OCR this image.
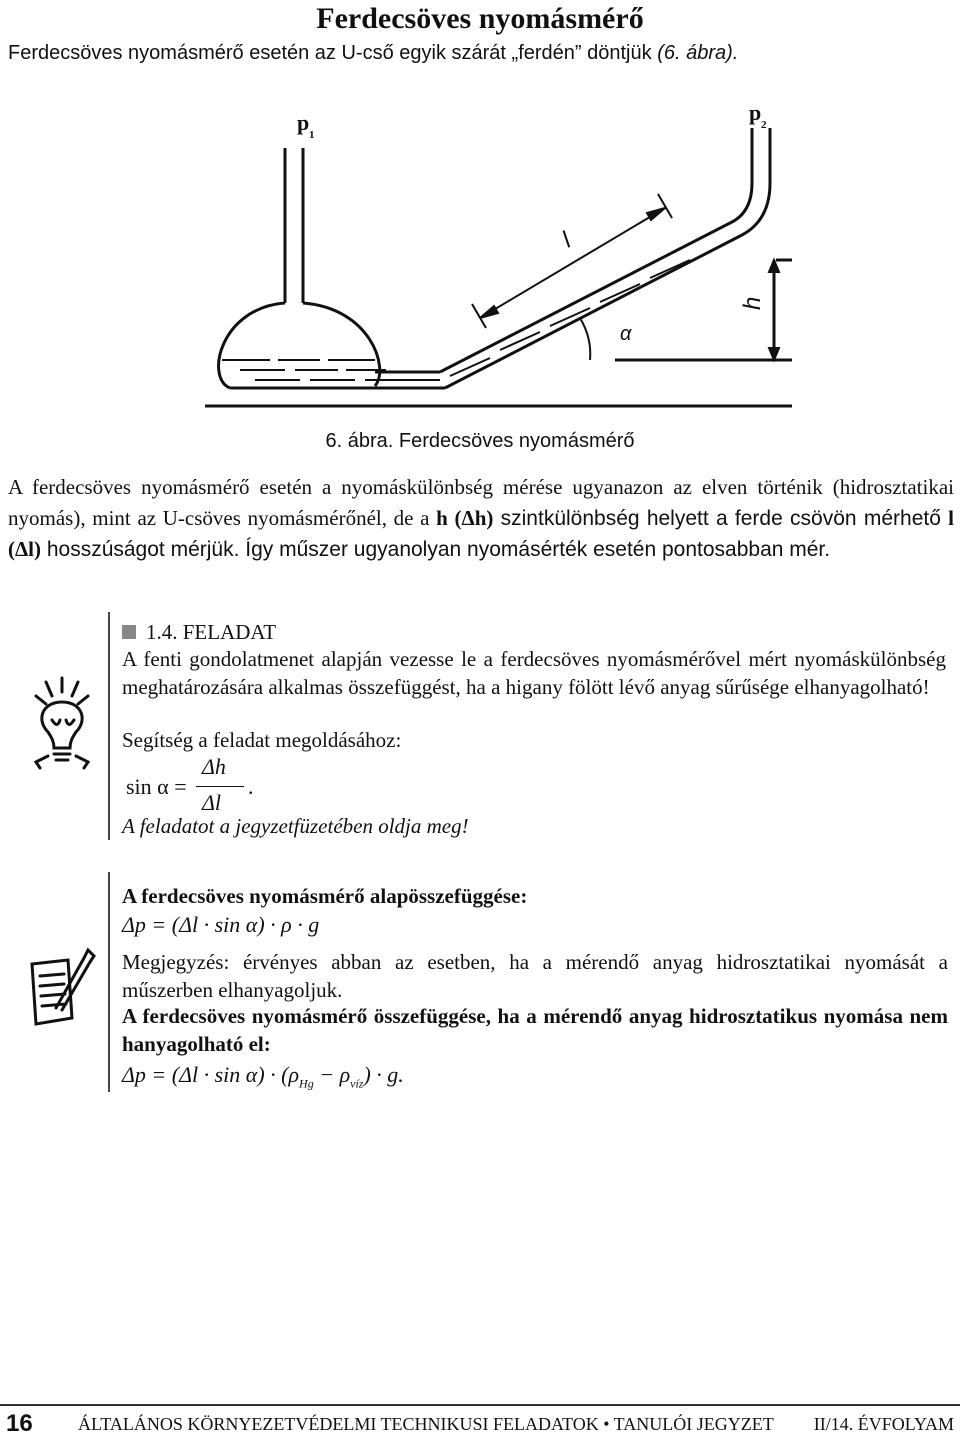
Ferdecsöves nyomásmérő
Ferdecsöves nyomásmérő esetén az U-cső egyik szárát „ferdén” döntjük (6. ábra).
p 1
p 2
l
h
α
6. ábra. Ferdecsöves nyomásmérő
A ferdecsöves nyomásmérő esetén a nyomáskülönbség mérése ugyanazon az elven történik (hidrosztatikai nyomás), mint az U-csöves nyomásmérőnél, de a h (Δh) szintkülönbség helyett a ferde csövön mérhető l (Δl) hosszúságot mérjük. Így műszer ugyanolyan nyomásérték esetén pontosabban mér.
1.4. FELADAT
A fenti gondolatmenet alapján vezesse le a ferdecsöves nyomásmérővel mért nyomáskülönbség meghatározására alkalmas összefüggést, ha a higany fölött lévő anyag sűrűsége elhanyagolható!
Segítség a feladat megoldásához:
sin α =
Δh
Δl
.
A feladatot a jegyzetfüzetében oldja meg!
A ferdecsöves nyomásmérő alapösszefüggése:
Δp = (Δl · sin α) · ρ · g
Megjegyzés: érvényes abban az esetben, ha a mérendő anyag hidrosztatikai nyomását a műszerben elhanyagoljuk.
A ferdecsöves nyomásmérő összefüggése, ha a mérendő anyag hidrosztatikus nyomása nem hanyagolható el:
$\Delta p = (\Delta l \cdot \sin \alpha) \cdot (\rho_{Hg} - \rho_{víz}) \cdot g$.
16	ÁLTALÁNOS KÖRNYEZETVÉDELMI TECHNIKUSI FELADATOK • TANULÓI JEGYZET II/14. ÉVFOLYAM
